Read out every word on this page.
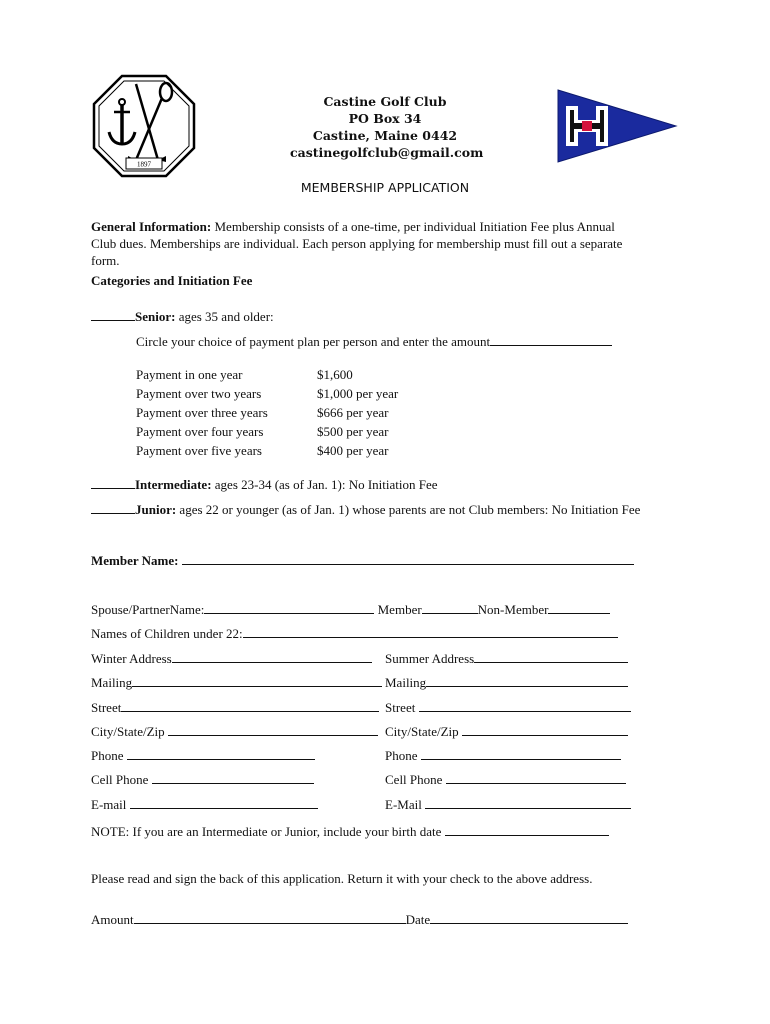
1897
Castine Golf Club
PO Box 34
Castine, Maine 0442
castinegolfclub@gmail.com
MEMBERSHIP APPLICATION
General Information: Membership consists of a one-time, per individual Initiation Fee plus Annual
Club dues. Memberships are individual. Each person applying for membership must fill out a separate
form.
Categories and Initiation Fee
Senior: ages 35 and older:
Circle your choice of payment plan per person and enter the amount
Payment in one year	$1,600
Payment over two years	$1,000 per year
Payment over three years	$666 per year
Payment over four years	$500 per year
Payment over five years	$400 per year
Intermediate: ages 23-34 (as of Jan. 1): No Initiation Fee
Junior: ages 22 or younger (as of Jan. 1) whose parents are not Club members: No Initiation Fee
Member Name:
Spouse/PartnerName:	Member	Non-Member
Names of Children under 22:
Winter Address	Summer Address
Mailing	Mailing
Street	Street
City/State/Zip	City/State/Zip
Phone	Phone
Cell Phone	Cell Phone
E-mail	E-Mail
NOTE: If you are an Intermediate or Junior, include your birth date
Please read and sign the back of this application. Return it with your check to the above address.
Amount	Date
